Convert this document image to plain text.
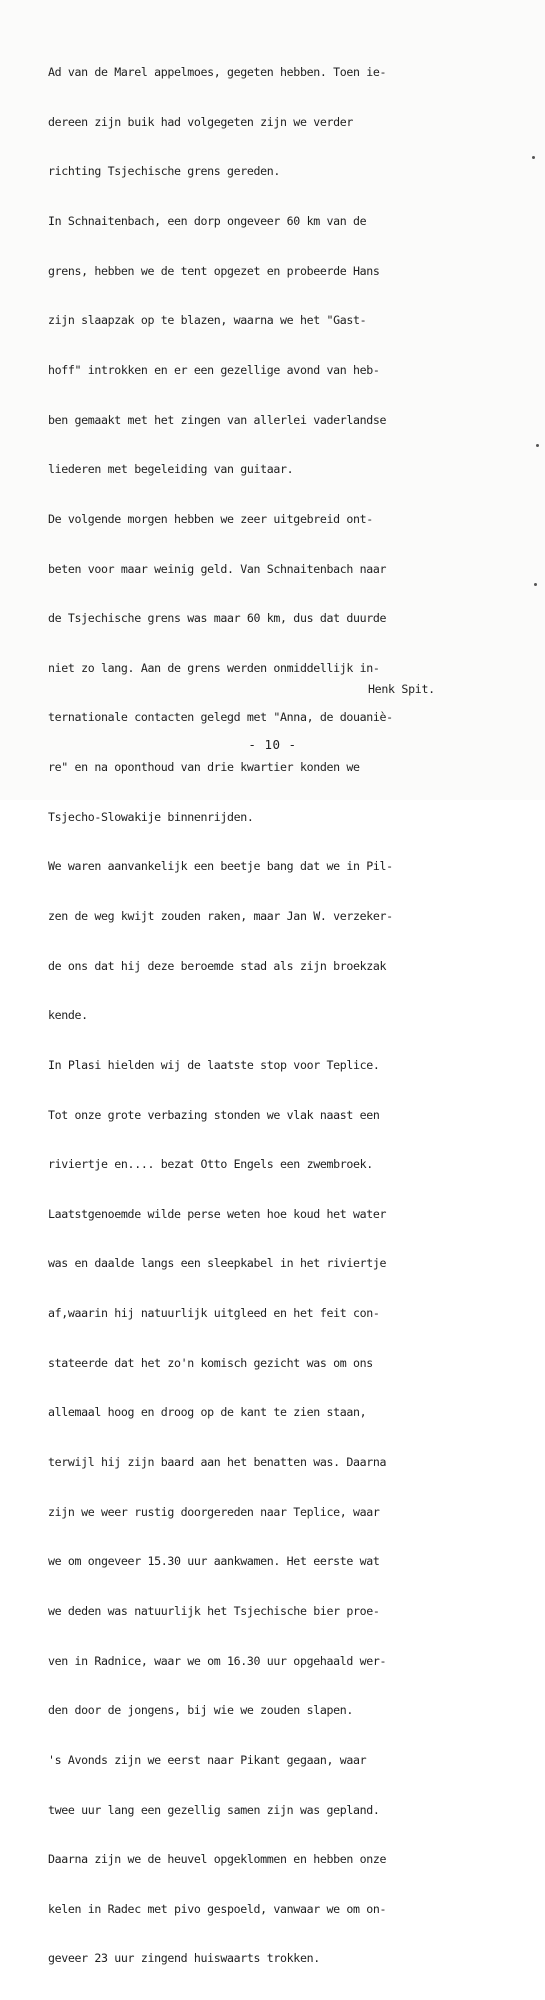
Ad van de Marel appelmoes, gegeten hebben. Toen ie-

dereen zijn buik had volgegeten zijn we verder

richting Tsjechische grens gereden.

In Schnaitenbach, een dorp ongeveer 60 km van de

grens, hebben we de tent opgezet en probeerde Hans

zijn slaapzak op te blazen, waarna we het "Gast-

hoff" introkken en er een gezellige avond van heb-

ben gemaakt met het zingen van allerlei vaderlandse

liederen met begeleiding van guitaar.

De volgende morgen hebben we zeer uitgebreid ont-

beten voor maar weinig geld. Van Schnaitenbach naar

de Tsjechische grens was maar 60 km, dus dat duurde

niet zo lang. Aan de grens werden onmiddellijk in-

ternationale contacten gelegd met "Anna, de douaniè-

re" en na oponthoud van drie kwartier konden we

Tsjecho-Slowakije binnenrijden.

We waren aanvankelijk een beetje bang dat we in Pil-

zen de weg kwijt zouden raken, maar Jan W. verzeker-

de ons dat hij deze beroemde stad als zijn broekzak

kende.

In Plasi hielden wij de laatste stop voor Teplice.

Tot onze grote verbazing stonden we vlak naast een

riviertje en.... bezat Otto Engels een zwembroek.

Laatstgenoemde wilde perse weten hoe koud het water

was en daalde langs een sleepkabel in het riviertje

af,waarin hij natuurlijk uitgleed en het feit con-

stateerde dat het zo'n komisch gezicht was om ons

allemaal hoog en droog op de kant te zien staan,

terwijl hij zijn baard aan het benatten was. Daarna

zijn we weer rustig doorgereden naar Teplice, waar

we om ongeveer 15.30 uur aankwamen. Het eerste wat

we deden was natuurlijk het Tsjechische bier proe-

ven in Radnice, waar we om 16.30 uur opgehaald wer-

den door de jongens, bij wie we zouden slapen.

's Avonds zijn we eerst naar Pikant gegaan, waar

twee uur lang een gezellig samen zijn was gepland.

Daarna zijn we de heuvel opgeklommen en hebben onze

kelen in Radec met pivo gespoeld, vanwaar we om on-

geveer 23 uur zingend huiswaarts trokken.

Henk Spit.
- 10 -
